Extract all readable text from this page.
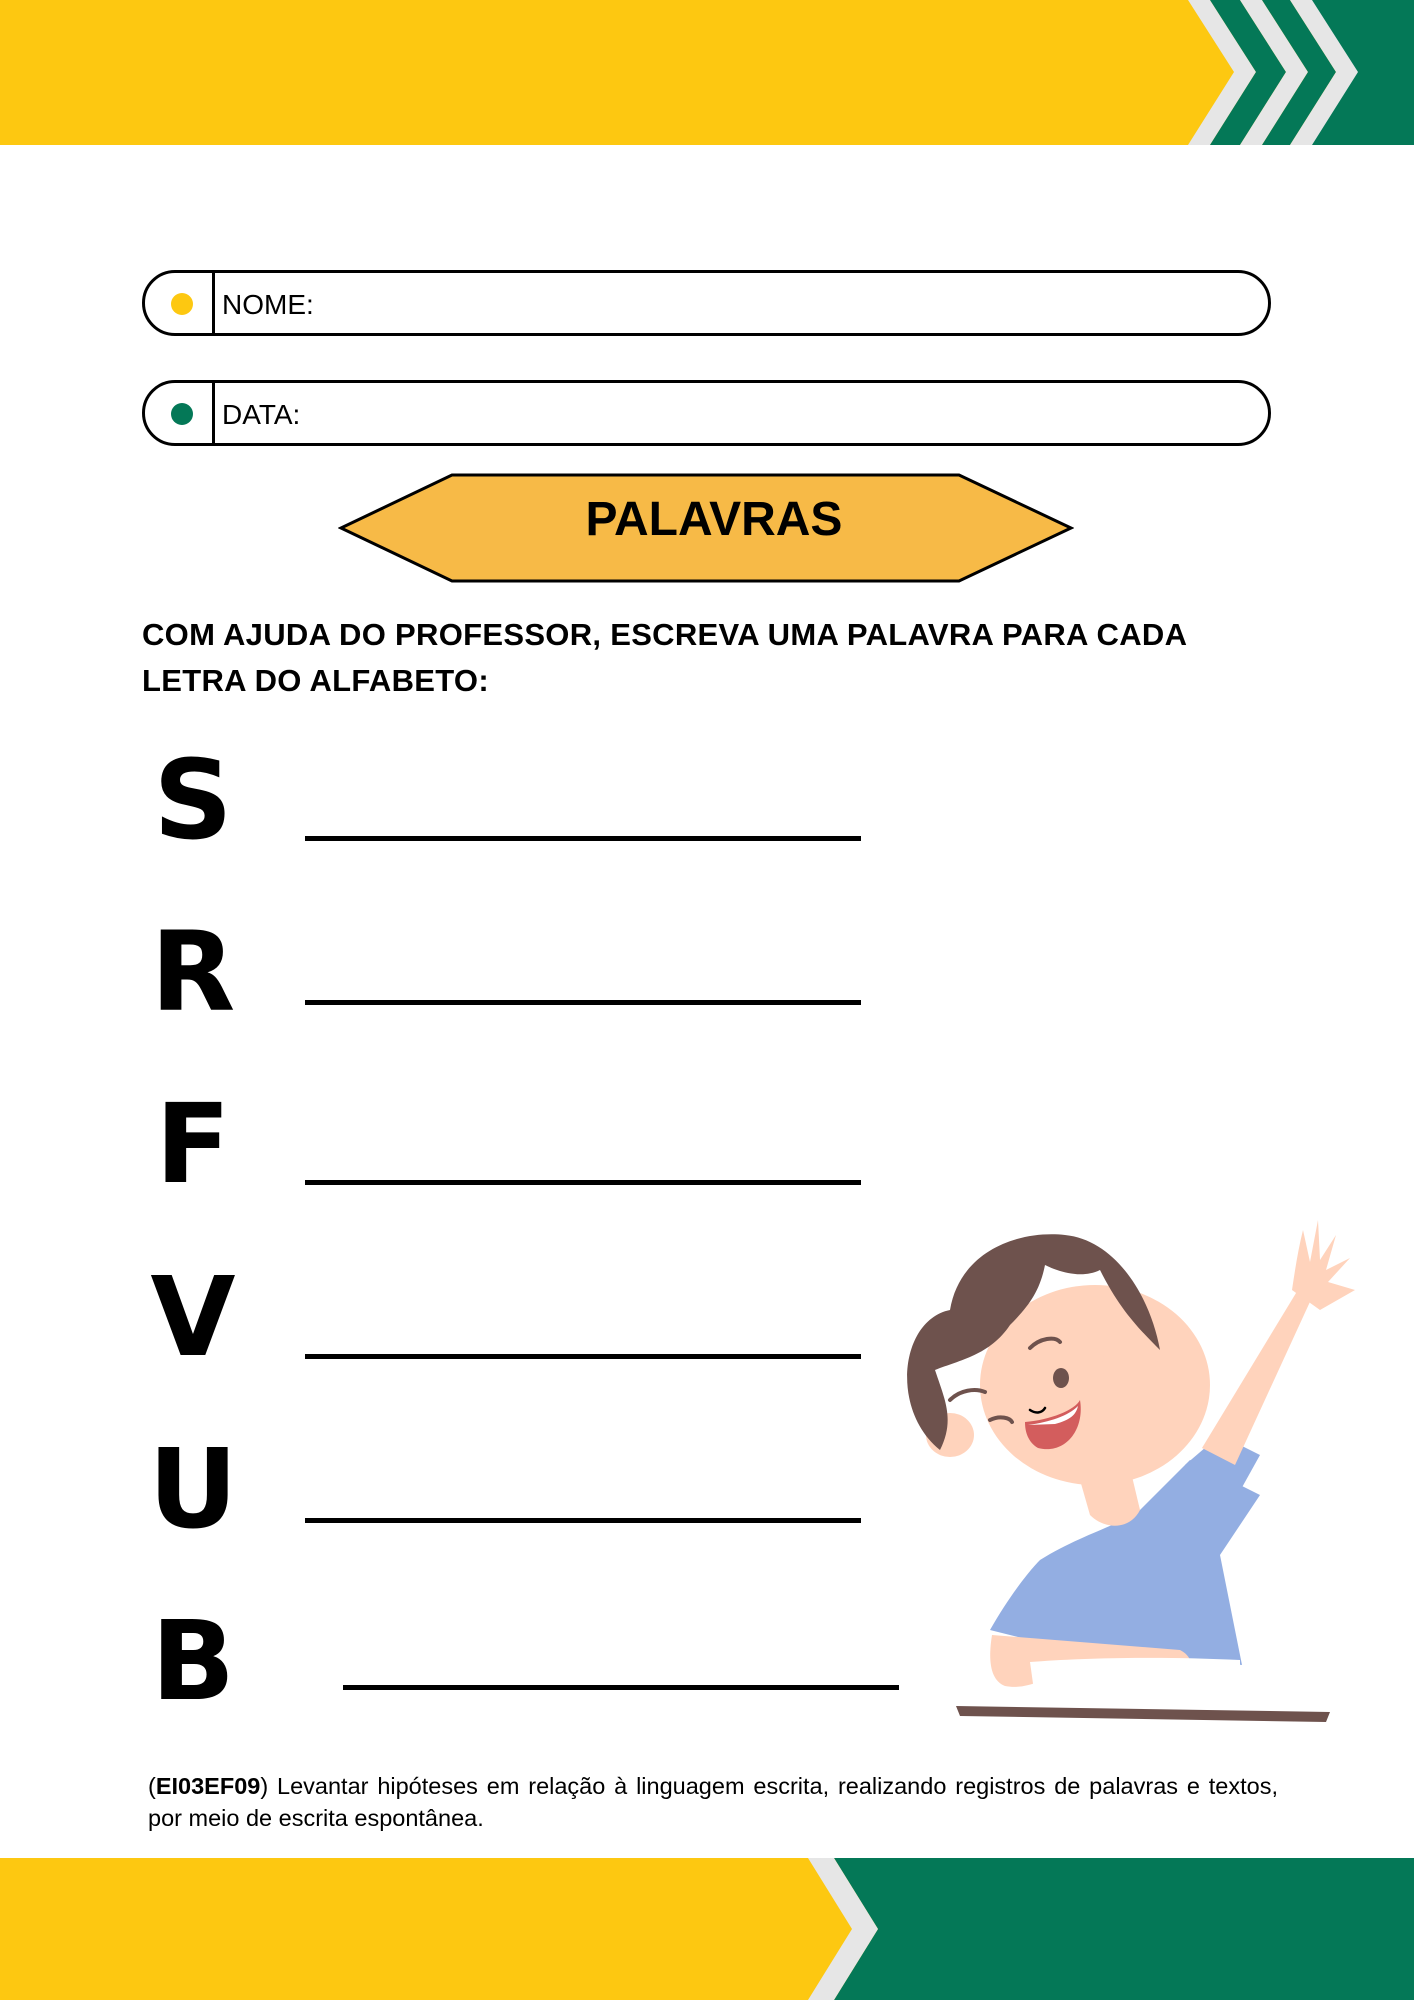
NOME:
DATA:
PALAVRAS
COM AJUDA DO PROFESSOR, ESCREVA UMA PALAVRA PARA CADA LETRA DO ALFABETO:
S
R
F
V
U
B
(EI03EF09) Levantar hipóteses em relação à linguagem escrita, realizando registros de palavras e textos, por meio de escrita espontânea.
